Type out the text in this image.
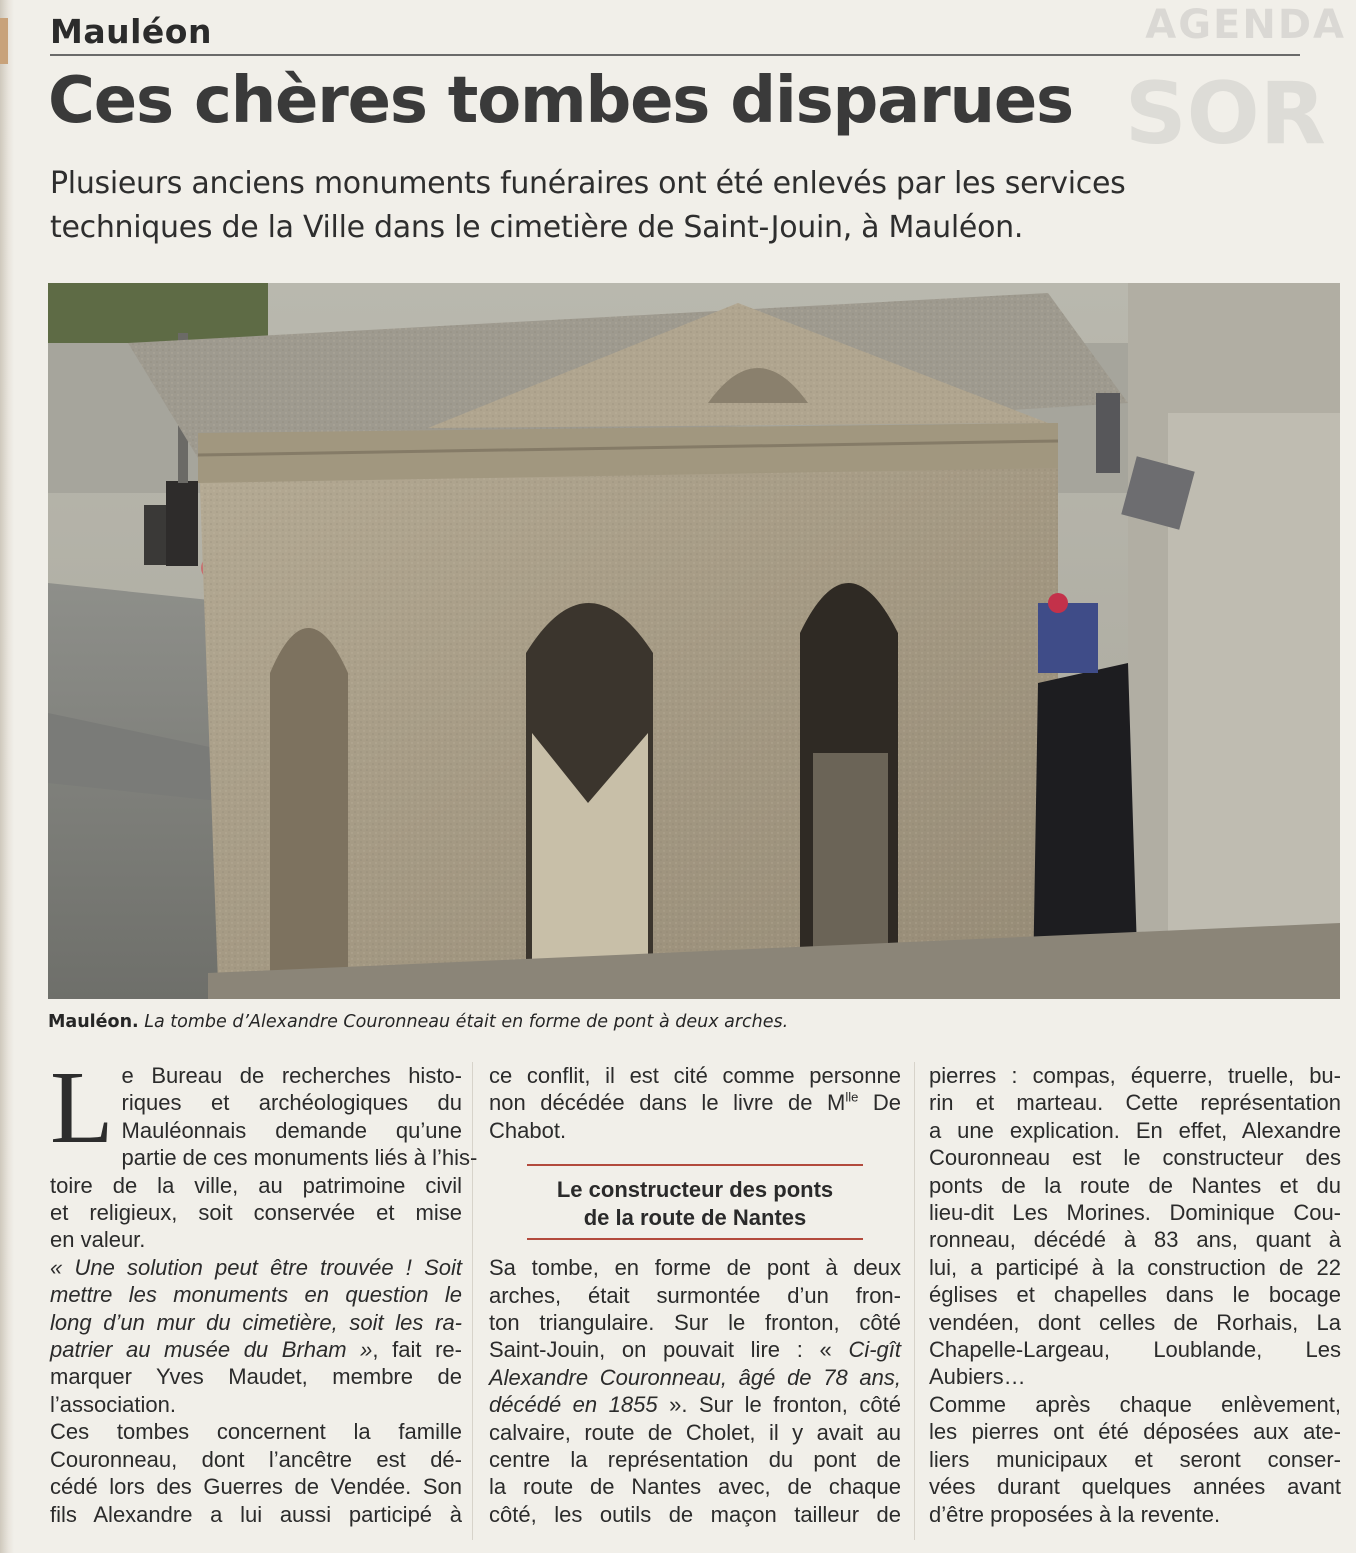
AGENDA
SOR
Mauléon
Ces chères tombes disparues
Plusieurs anciens monuments funéraires ont été enlevés par les services
techniques de la Ville dans le cimetière de Saint-Jouin, à Mauléon.
Mauléon. La tombe d’Alexandre Couronneau était en forme de pont à deux arches.
L e Bureau de recherches histo-
riques et archéologiques du
Mauléonnais demande qu’une
partie de ces monuments liés à l’his-
toire de la ville, au patrimoine civil
et religieux, soit conservée et mise
en valeur.
« Une solution peut être trouvée ! Soit
mettre les monuments en question le
long d’un mur du cimetière, soit les ra-
patrier au musée du Brham », fait re-
marquer Yves Maudet, membre de
l’association.
Ces tombes concernent la famille
Couronneau, dont l’ancêtre est dé-
cédé lors des Guerres de Vendée. Son
fils Alexandre a lui aussi participé à
ce conflit, il est cité comme personne
non décédée dans le livre de $M^{lle}$ De
Chabot.
Le constructeur des ponts
de la route de Nantes
Sa tombe, en forme de pont à deux
arches, était surmontée d’un fron-
ton triangulaire. Sur le fronton, côté
Saint-Jouin, on pouvait lire : « Ci-gît
Alexandre Couronneau, âgé de 78 ans,
décédé en 1855 ». Sur le fronton, côté
calvaire, route de Cholet, il y avait au
centre la représentation du pont de
la route de Nantes avec, de chaque
côté, les outils de maçon tailleur de
pierres : compas, équerre, truelle, bu-
rin et marteau. Cette représentation
a une explication. En effet, Alexandre
Couronneau est le constructeur des
ponts de la route de Nantes et du
lieu-dit Les Morines. Dominique Cou-
ronneau, décédé à 83 ans, quant à
lui, a participé à la construction de 22
églises et chapelles dans le bocage
vendéen, dont celles de Rorhais, La
Chapelle-Largeau, Loublande, Les
Aubiers…
Comme après chaque enlèvement,
les pierres ont été déposées aux ate-
liers municipaux et seront conser-
vées durant quelques années avant
d’être proposées à la revente.
